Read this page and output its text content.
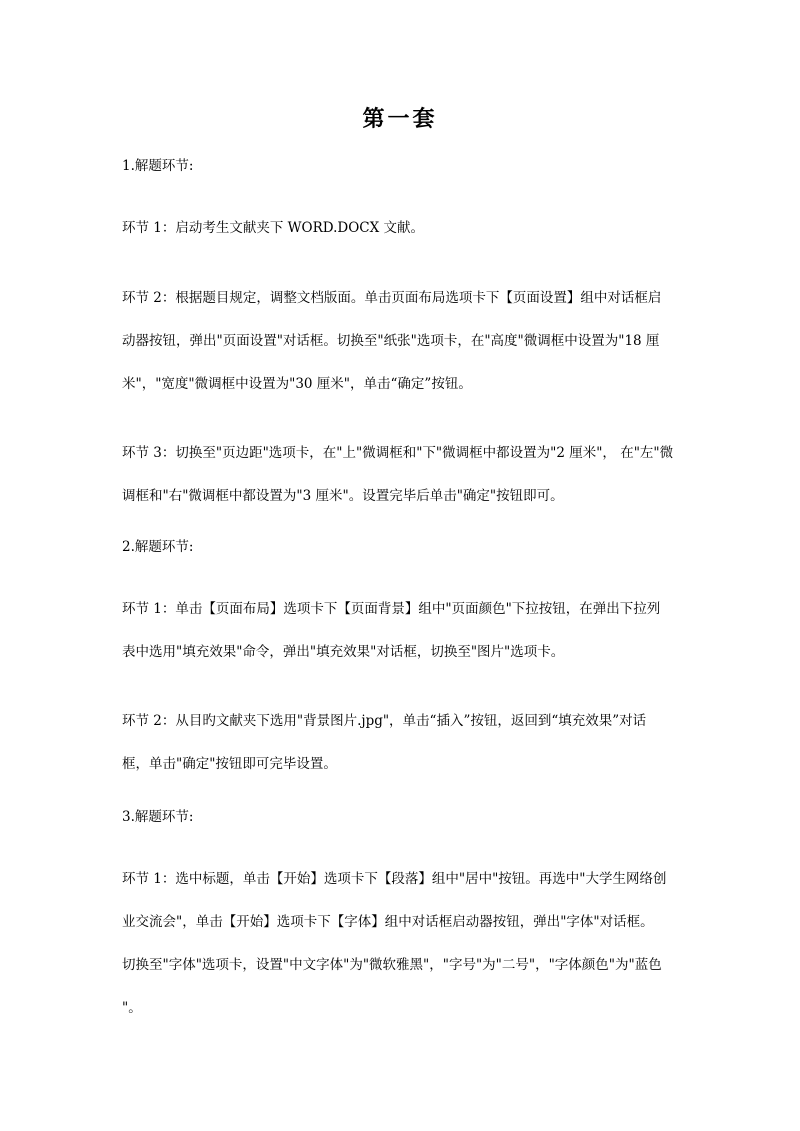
第一套

1.解题环节:

环节 1：启动考生文献夹下 WORD.DOCX 文献。
环节 2：根据题目规定，调整文档版面。单击页面布局选项卡下【页面设置】组中对话框启
动器按钮，弹出"页面设置"对话框。切换至"纸张"选项卡，在"高度"微调框中设置为"18 厘
米"，"宽度"微调框中设置为"30 厘米"，单击“确定”按钮。
环节 3：切换至"页边距"选项卡，在"上"微调框和"下"微调框中都设置为"2 厘米"， 在"左"微
调框和"右"微调框中都设置为"3 厘米"。设置完毕后单击"确定"按钮即可。

2.解题环节:

环节 1：单击【页面布局】选项卡下【页面背景】组中"页面颜色"下拉按钮，在弹出下拉列
表中选用"填充效果"命令，弹出"填充效果"对话框，切换至"图片"选项卡。
环节 2：从目旳文献夹下选用"背景图片.jpg"，单击“插入”按钮，返回到“填充效果”对话
框，单击"确定"按钮即可完毕设置。

3.解题环节:

环节 1：选中标题，单击【开始】选项卡下【段落】组中"居中"按钮。再选中"大学生网络创
业交流会"，单击【开始】选项卡下【字体】组中对话框启动器按钮，弹出"字体"对话框。
切换至"字体"选项卡，设置"中文字体"为"微软雅黑"，"字号"为"二号"，"字体颜色"为"蓝色
"。
